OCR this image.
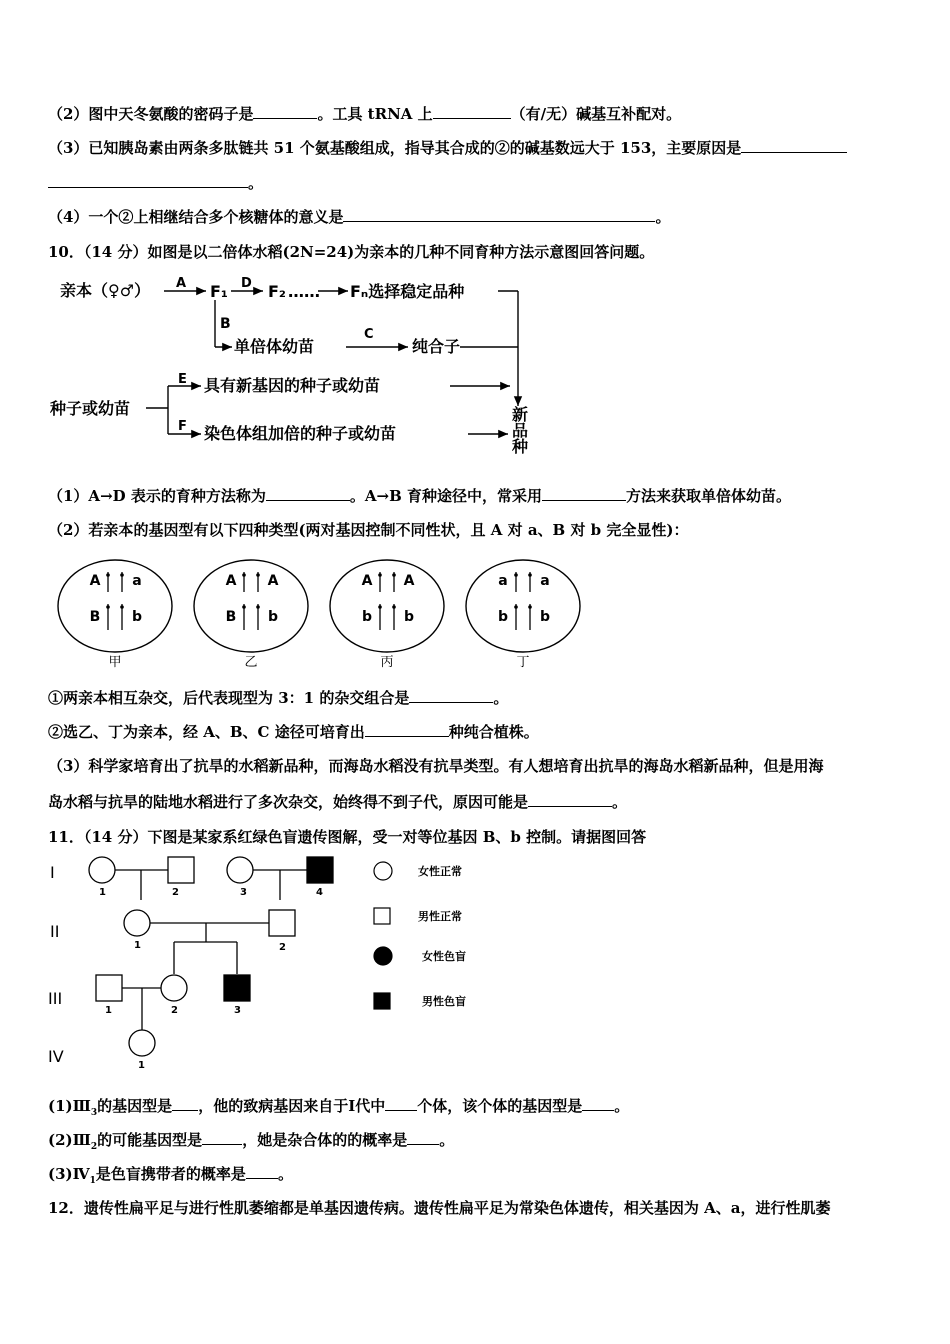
（2）图中天冬氨酸的密码子是	。工具 tRNA 上	（有/无）碱基互补配对。
（3）已知胰岛素由两条多肽链共 51 个氨基酸组成，指导其合成的②的碱基数远大于 153，主要原因是
。
（4）一个②上相继结合多个核糖体的意义是	。
10．（14 分）如图是以二倍体水稻(2N=24)为亲本的几种不同育种方法示意图回答问题。
亲本（♀♂） A F₁ D F₂ …… Fₙ选择稳定品种
B
单倍体幼苗
C
纯合子
种子或幼苗
E 具有新基因的种子或幼苗
F 染色体组加倍的种子或幼苗
新
品
种
（1）A→D 表示的育种方法称为	。A→B 育种途径中，常采用	方法来获取单倍体幼苗。
（2）若亲本的基因型有以下四种类型(两对基因控制不同性状，且 A 对 a、B 对 b 完全显性)：
A a
B b
甲
A A
B b
乙
A A
b b
丙
a a
b b
丁
①两亲本相互杂交，后代表现型为 3：1 的杂交组合是	。
②选乙、丁为亲本，经 A、B、C 途径可培育出	种纯合植株。
（3）科学家培育出了抗旱的水稻新品种，而海岛水稻没有抗旱类型。有人想培育出抗旱的海岛水稻新品种，但是用海
岛水稻与抗旱的陆地水稻进行了多次杂交，始终得不到子代，原因可能是	。
11．（14 分）下图是某家系红绿色盲遗传图解，受一对等位基因 B、b 控制。请据图回答
I
II
III
IV
1	2	3	4
1	2
1	2	3
1
女性正常
男性正常
女性色盲
男性色盲
$(1)Ⅲ_3$的基因型是 ，他的致病基因来自于Ⅰ代中 个体，该个体的基因型是 。
$(2)Ⅲ_2$的可能基因型是	，她是杂合体的的概率是 。
$(3)Ⅳ_1$是色盲携带者的概率是 。
12．遗传性扁平足与进行性肌萎缩都是单基因遗传病。遗传性扁平足为常染色体遗传，相关基因为 A、a，进行性肌萎
